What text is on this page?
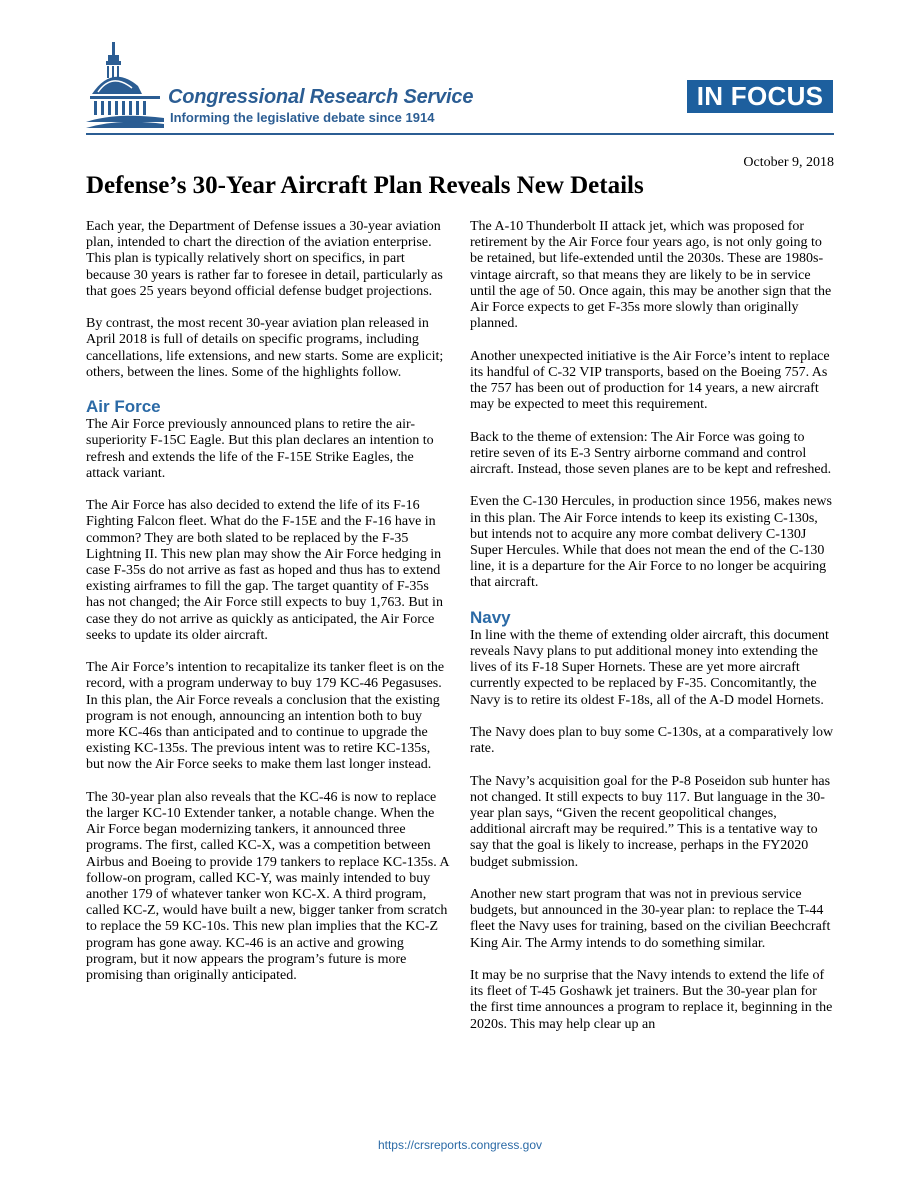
Congressional Research Service
Informing the legislative debate since 1914
IN FOCUS
October 9, 2018
Defense’s 30-Year Aircraft Plan Reveals New Details

Each year, the Department of Defense issues a 30-year aviation plan, intended to chart the direction of the aviation enterprise. This plan is typically relatively short on specifics, in part because 30 years is rather far to foresee in detail, particularly as that goes 25 years beyond official defense budget projections.

By contrast, the most recent 30-year aviation plan released in April 2018 is full of details on specific programs, including cancellations, life extensions, and new starts. Some are explicit; others, between the lines. Some of the highlights follow.

Air Force

The Air Force previously announced plans to retire the air-superiority F-15C Eagle. But this plan declares an intention to refresh and extends the life of the F-15E Strike Eagles, the attack variant.

The Air Force has also decided to extend the life of its F-16 Fighting Falcon fleet. What do the F-15E and the F-16 have in common? They are both slated to be replaced by the F-35 Lightning II. This new plan may show the Air Force hedging in case F-35s do not arrive as fast as hoped and thus has to extend existing airframes to fill the gap. The target quantity of F-35s has not changed; the Air Force still expects to buy 1,763. But in case they do not arrive as quickly as anticipated, the Air Force seeks to update its older aircraft.

The Air Force’s intention to recapitalize its tanker fleet is on the record, with a program underway to buy 179 KC-46 Pegasuses. In this plan, the Air Force reveals a conclusion that the existing program is not enough, announcing an intention both to buy more KC-46s than anticipated and to continue to upgrade the existing KC-135s. The previous intent was to retire KC-135s, but now the Air Force seeks to make them last longer instead.

The 30-year plan also reveals that the KC-46 is now to replace the larger KC-10 Extender tanker, a notable change. When the Air Force began modernizing tankers, it announced three programs. The first, called KC-X, was a competition between Airbus and Boeing to provide 179 tankers to replace KC-135s. A follow-on program, called KC-Y, was mainly intended to buy another 179 of whatever tanker won KC-X. A third program, called KC-Z, would have built a new, bigger tanker from scratch to replace the 59 KC-10s. This new plan implies that the KC-Z program has gone away. KC-46 is an active and growing program, but it now appears the program’s future is more promising than originally anticipated.

The A-10 Thunderbolt II attack jet, which was proposed for retirement by the Air Force four years ago, is not only going to be retained, but life-extended until the 2030s. These are 1980s-vintage aircraft, so that means they are likely to be in service until the age of 50. Once again, this may be another sign that the Air Force expects to get F-35s more slowly than originally planned.

Another unexpected initiative is the Air Force’s intent to replace its handful of C-32 VIP transports, based on the Boeing 757. As the 757 has been out of production for 14 years, a new aircraft may be expected to meet this requirement.

Back to the theme of extension: The Air Force was going to retire seven of its E-3 Sentry airborne command and control aircraft. Instead, those seven planes are to be kept and refreshed.

Even the C-130 Hercules, in production since 1956, makes news in this plan. The Air Force intends to keep its existing C-130s, but intends not to acquire any more combat delivery C-130J Super Hercules. While that does not mean the end of the C-130 line, it is a departure for the Air Force to no longer be acquiring that aircraft.

Navy

In line with the theme of extending older aircraft, this document reveals Navy plans to put additional money into extending the lives of its F-18 Super Hornets. These are yet more aircraft currently expected to be replaced by F-35. Concomitantly, the Navy is to retire its oldest F-18s, all of the A-D model Hornets.

The Navy does plan to buy some C-130s, at a comparatively low rate.

The Navy’s acquisition goal for the P-8 Poseidon sub hunter has not changed. It still expects to buy 117. But language in the 30-year plan says, “Given the recent geopolitical changes, additional aircraft may be required.” This is a tentative way to say that the goal is likely to increase, perhaps in the FY2020 budget submission.

Another new start program that was not in previous service budgets, but announced in the 30-year plan: to replace the T-44 fleet the Navy uses for training, based on the civilian Beechcraft King Air. The Army intends to do something similar.

It may be no surprise that the Navy intends to extend the life of its fleet of T-45 Goshawk jet trainers. But the 30-year plan for the first time announces a program to replace it, beginning in the 2020s. This may help clear up an

https://crsreports.congress.gov
